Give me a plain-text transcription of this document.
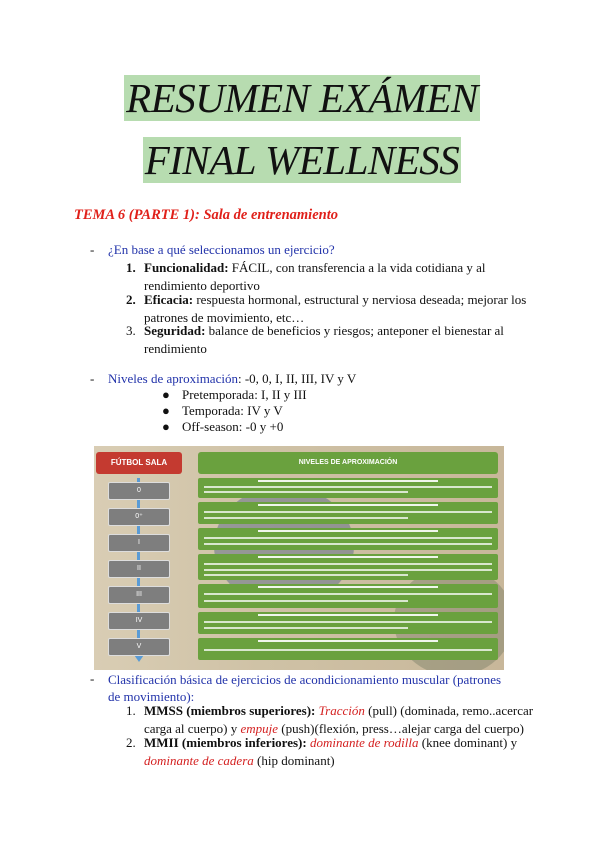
RESUMEN EXÁMEN
FINAL WELLNESS
TEMA 6 (PARTE 1): Sala de entrenamiento
- ¿En base a qué seleccionamos un ejercicio?
1. Funcionalidad: FÁCIL, con transferencia a la vida cotidiana y al rendimiento deportivo
2. Eficacia: respuesta hormonal, estructural y nerviosa deseada; mejorar los patrones de movimiento, etc…
3. Seguridad: balance de beneficios y riesgos; anteponer el bienestar al rendimiento
- Niveles de aproximación: -0, 0, I, II, III, IV y V
● Pretemporada: I, II y III
● Temporada: IV y V
● Off-season: -0 y +0
FÚTBOL SALA
0
0⁺
I
II
III
IV
V
NIVELES DE APROXIMACIÓN
- Clasificación básica de ejercicios de acondicionamiento muscular (patrones de movimiento):
1. MMSS (miembros superiores): Tracción (pull) (dominada, remo..acercar carga al cuerpo) y empuje (push)(flexión, press…alejar carga del cuerpo)
2. MMII (miembros inferiores): dominante de rodilla (knee dominant) y dominante de cadera (hip dominant)
